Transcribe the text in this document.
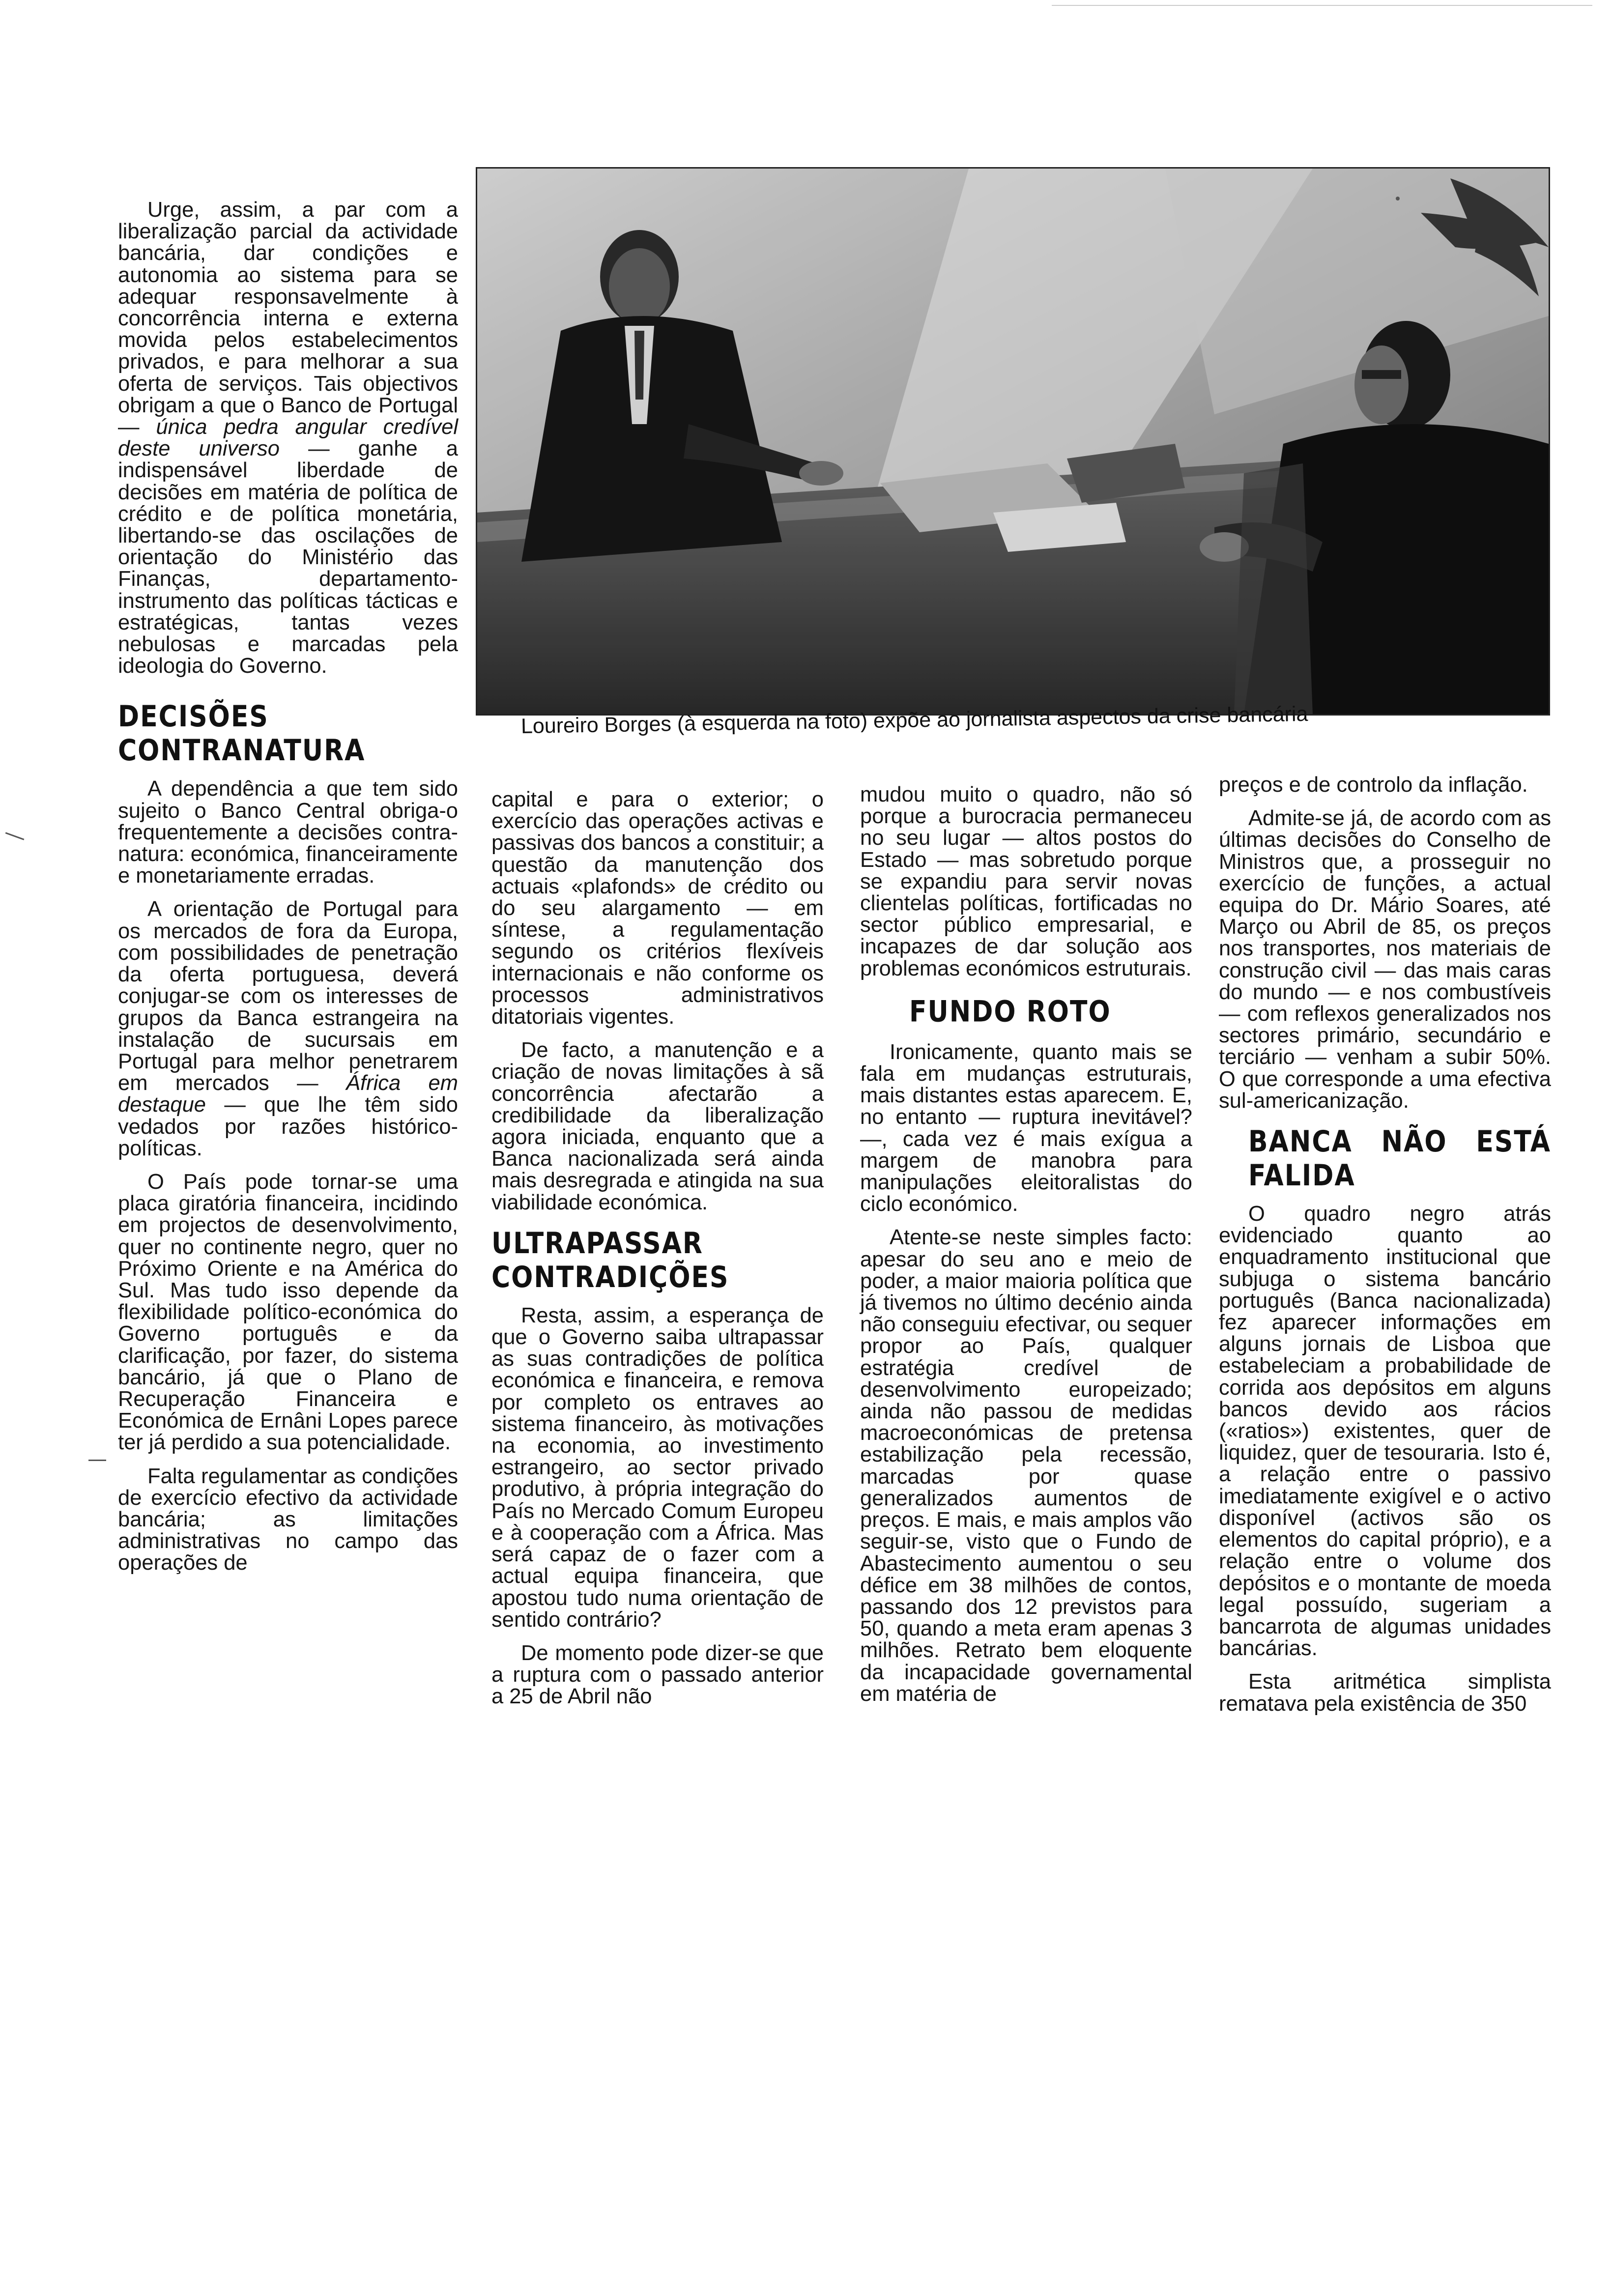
Loureiro Borges (à esquerda na foto) expõe ao jornalista aspectos da crise bancária

Urge, assim, a par com a liberalização parcial da actividade bancária, dar condições e autonomia ao sistema para se adequar responsavelmente à concorrência interna e externa movida pelos estabelecimentos privados, e para melhorar a sua oferta de serviços. Tais objectivos obrigam a que o Banco de Portugal — única pedra angular credível deste universo — ganhe a indispensável liberdade de decisões em matéria de política de crédito e de política monetária, libertando-se das oscilações de orientação do Ministério das Finanças, departamento-instrumento das políticas tácticas e estratégicas, tantas vezes nebulosas e marcadas pela ideologia do Governo.

DECISÕES CONTRANATURA

A dependência a que tem sido sujeito o Banco Central obriga-o frequentemente a decisões contra-natura: económica, financeiramente e monetariamente erradas.

A orientação de Portugal para os mercados de fora da Europa, com possibilidades de penetração da oferta portuguesa, deverá conjugar-se com os interesses de grupos da Banca estrangeira na instalação de sucursais em Portugal para melhor penetrarem em mercados — África em destaque — que lhe têm sido vedados por razões histórico-políticas.

O País pode tornar-se uma placa giratória financeira, incidindo em projectos de desenvolvimento, quer no continente negro, quer no Próximo Oriente e na América do Sul. Mas tudo isso depende da flexibilidade político-económica do Governo português e da clarificação, por fazer, do sistema bancário, já que o Plano de Recuperação Financeira e Económica de Ernâni Lopes parece ter já perdido a sua potencialidade.

Falta regulamentar as condições de exercício efectivo da actividade bancária; as limitações administrativas no campo das operações de

capital e para o exterior; o exercício das operações activas e passivas dos bancos a constituir; a questão da manutenção dos actuais «plafonds» de crédito ou do seu alargamento — em síntese, a regulamentação segundo os critérios flexíveis internacionais e não conforme os processos administrativos ditatoriais vigentes.

De facto, a manutenção e a criação de novas limitações à sã concorrência afectarão a credibilidade da liberalização agora iniciada, enquanto que a Banca nacionalizada será ainda mais desregrada e atingida na sua viabilidade económica.

ULTRAPASSAR CONTRADIÇÕES

Resta, assim, a esperança de que o Governo saiba ultrapassar as suas contradições de política económica e financeira, e remova por completo os entraves ao sistema financeiro, às motivações na economia, ao investimento estrangeiro, ao sector privado produtivo, à própria integração do País no Mercado Comum Europeu e à cooperação com a África. Mas será capaz de o fazer com a actual equipa financeira, que apostou tudo numa orientação de sentido contrário?

De momento pode dizer-se que a ruptura com o passado anterior a 25 de Abril não

mudou muito o quadro, não só porque a burocracia permaneceu no seu lugar — altos postos do Estado — mas sobretudo porque se expandiu para servir novas clientelas políticas, fortificadas no sector público empresarial, e incapazes de dar solução aos problemas económicos estruturais.

FUNDO ROTO

Ironicamente, quanto mais se fala em mudanças estruturais, mais distantes estas aparecem. E, no entanto — ruptura inevitável? —, cada vez é mais exígua a margem de manobra para manipulações eleitoralistas do ciclo económico.

Atente-se neste simples facto: apesar do seu ano e meio de poder, a maior maioria política que já tivemos no último decénio ainda não conseguiu efectivar, ou sequer propor ao País, qualquer estratégia credível de desenvolvimento europeizado; ainda não passou de medidas macroeconómicas de pretensa estabilização pela recessão, marcadas por quase generalizados aumentos de preços. E mais, e mais amplos vão seguir-se, visto que o Fundo de Abastecimento aumentou o seu défice em 38 milhões de contos, passando dos 12 previstos para 50, quando a meta eram apenas 3 milhões. Retrato bem eloquente da incapacidade governamental em matéria de

preços e de controlo da inflação.

Admite-se já, de acordo com as últimas decisões do Conselho de Ministros que, a prosseguir no exercício de funções, a actual equipa do Dr. Mário Soares, até Março ou Abril de 85, os preços nos transportes, nos materiais de construção civil — das mais caras do mundo — e nos combustíveis — com reflexos generalizados nos sectores primário, secundário e terciário — venham a subir 50%. O que corresponde a uma efectiva sul-americanização.

BANCA NÃO ESTÁ FALIDA

O quadro negro atrás evidenciado quanto ao enquadramento institucional que subjuga o sistema bancário português (Banca nacionalizada) fez aparecer informações em alguns jornais de Lisboa que estabeleciam a probabilidade de corrida aos depósitos em alguns bancos devido aos rácios («ratios») existentes, quer de liquidez, quer de tesouraria. Isto é, a relação entre o passivo imediatamente exigível e o activo disponível (activos são os elementos do capital próprio), e a relação entre o volume dos depósitos e o montante de moeda legal possuído, sugeriam a bancarrota de algumas unidades bancárias.

Esta aritmética simplista rematava pela existência de 350
